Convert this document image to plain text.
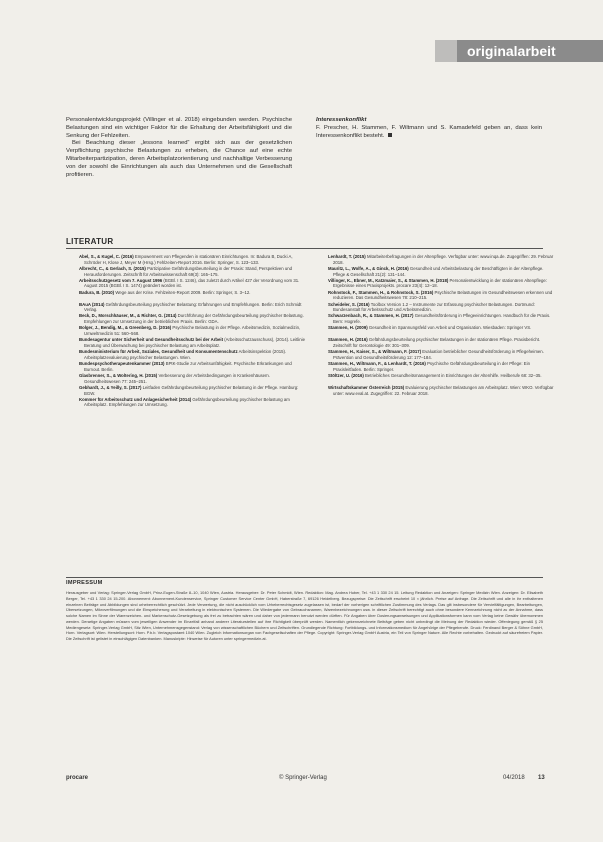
originalarbeit

Personalentwicklungsprojekt (Villinger et al. 2018) eingebunden werden. Psychische Belastungen sind ein wichtiger Faktor für die Erhaltung der Arbeitsfähigkeit und die Senkung der Fehlzeiten.

Bei Beachtung dieser „lessons learned“ ergibt sich aus der gesetzlichen Verpflichtung psychische Belastungen zu erheben, die Chance auf eine echte Mitarbeiterpartizipation, deren Arbeitsplatzorientierung und nachhaltige Verbesserung von der sowohl die Einrichtungen als auch das Unternehmen und die Gesellschaft profitieren.

Interessenkonflikt

F. Prescher, H. Stammen, F. Wiltmann und S. Kamadefeld geben an, dass kein Interessenkonflikt besteht.

LITERATUR

Abel, S., & Kugel, C. (2016) Empowerment von Pflegenden in stationären Einrichtungen. In: Badura B, Ducki A, Schröder H, Klose J, Meyer M (Hrsg.) Fehlzeiten-Report 2016. Berlin: Springer, S. 123–133.

Albrecht, C., & Gerlach, S. (2015) Partizipative Gefährdungsbeurteilung in der Praxis: Stand, Perspektiven und Herausforderungen. Zeitschrift für Arbeitswissenschaft 69(3): 165–175.

Arbeitsschutzgesetz vom 7. August 1996 (BGBl. I S. 1246), das zuletzt durch Artikel 427 der Verordnung vom 31. August 2015 (BGBl. I S. 1474) geändert worden ist.

Badura, B. (2010) Wege aus der Krise. Fehlzeiten-Report 2009. Berlin: Springer, S. 3–12.

BAuA (2014) Gefährdungsbeurteilung psychischer Belastung: Erfahrungen und Empfehlungen. Berlin: Erich Schmidt Verlag.

Beck, D., Morschhäuser, M., & Richter, G. (2014) Durchführung der Gefährdungsbeurteilung psychischer Belastung. Empfehlungen zur Umsetzung in der betrieblichen Praxis. Berlin: GDA.

Bolger, J., Bendig, M., & Greenberg, D. (2016) Psychische Belastung in der Pflege. Arbeitsmedizin, Sozialmedizin, Umweltmedizin 51: 560–568.

Bundesagentur unter Sicherheit und Gesundheitsschutz bei der Arbeit (Arbeitsschutzausschuss), (2014). Leitlinie Beratung und Überwachung bei psychischer Belastung am Arbeitsplatz.

Bundesministerium für Arbeit, Soziales, Gesundheit und Konsumentenschutz Arbeitsinspektion (2015). Arbeitsplatzevaluierung psychischer Belastungen. Wien.

Bundespsychotherapeutenkammer (2013) BPtK-Studie zur Arbeitsunfähigkeit. Psychische Erkrankungen und Burnout. Berlin.

Glasbrenner, S., & Woltering, H. (2015) Verbesserung der Arbeitsbedingungen in Krankenhäusern. Gesundheitswesen 77: 245–251.

Gebhardt, J., & Yeilly, S. (2017) Leitfaden Gefährdungsbeurteilung psychischer Belastung in der Pflege. Hamburg: BGW.

Kommer für Arbeitsschutz und Anlagesicherheit (2014) Gefährdungsbeurteilung psychischer Belastung am Arbeitsplatz. Empfehlungen zur Umsetzung.

Lenhardt, T. (2015) Mitarbeiterbefragungen in der Altenpflege. Verfügbar unter: www.inqa.de. Zugegriffen: 29. Februar 2018.

Mauritz, L., Wolfe, A., & Ginck, H. (2016) Gesundheit und Arbeitsbelastung der Beschäftigten in der Altenpflege. Pflege & Gesellschaft 21(2): 131–144.

Villinger, K., Ebner, M., Katzmaier, S., & Stammen, H. (2018) Personalentwicklung in der stationären Altenpflege: Ergebnisse eines Praxisprojekts. procare 23(4): 12–18.

Rohnstock, F., Stammen, H., & Rohnstock, S. (2016) Psychische Belastungen im Gesundheitswesen erkennen und reduzieren. Das Gesundheitswesen 78: 210–215.

Scheideler, S. (2016) Toolbox Version 1.2 – Instrumente zur Erfassung psychischer Belastungen. Dortmund: Bundesanstalt für Arbeitsschutz und Arbeitsmedizin.

Schwarzenbach, R., & Stammen, H. (2017) Gesundheitsförderung in Pflegeeinrichtungen. Handbuch für die Praxis. Bern: Hogrefe.

Stammen, H. (2009) Gesundheit im Spannungsfeld von Arbeit und Organisation. Wiesbaden: Springer VS.

Stammen, H. (2016) Gefährdungsbeurteilung psychischer Belastungen in der stationären Pflege. Praxisbericht. Zeitschrift für Gerontologie 49: 301–309.

Stammen, H., Kaiser, S., & Wiltmann, F. (2017) Evaluation betrieblicher Gesundheitsförderung in Pflegeheimen. Prävention und Gesundheitsförderung 12: 177–184.

Stammen, H., Wiltmann, F., & Lenhardt, T. (2016) Psychische Gefährdungsbeurteilung in der Pflege: Ein Praxisleitfaden. Berlin: Springer.

Stöltzer, U. (2016) Betriebliches Gesundheitsmanagement in Einrichtungen der Altenhilfe. Heilberufe 68: 32–35.

Wirtschaftskammer Österreich (2015) Evaluierung psychischer Belastungen am Arbeitsplatz. Wien: WKO. Verfügbar unter: www.eval.at. Zugegriffen: 22. Februar 2018.

IMPRESSUM
Herausgeber und Verlag: Springer-Verlag GmbH, Prinz-Eugen-Straße 8–10, 1040 Wien, Austria. Herausgeber: Dr. Peter Schmidt, Wien. Redaktion: Mag. Andrea Huber, Tel. +43 1 330 24 15. Leitung Redaktion und Anzeigen: Springer Medizin Wien. Anzeigen: Dr. Elisabeth Berger, Tel. +43 1 330 24 15-200. Abonnement: Abonnement-Kundenservice, Springer Customer Service Center GmbH, Haberstraße 7, 69126 Heidelberg. Bezugspreise: Die Zeitschrift erscheint 10 × jährlich. Preise auf Anfrage. Die Zeitschrift und alle in ihr enthaltenen einzelnen Beiträge und Abbildungen sind urheberrechtlich geschützt. Jede Verwertung, die nicht ausdrücklich vom Urheberrechtsgesetz zugelassen ist, bedarf der vorherigen schriftlichen Zustimmung des Verlags. Das gilt insbesondere für Vervielfältigungen, Bearbeitungen, Übersetzungen, Mikroverfilmungen und die Einspeicherung und Verarbeitung in elektronischen Systemen. Die Wiedergabe von Gebrauchsnamen, Warenbezeichnungen usw. in dieser Zeitschrift berechtigt auch ohne besondere Kennzeichnung nicht zu der Annahme, dass solche Namen im Sinne der Warenzeichen- und Markenschutz-Gesetzgebung als frei zu betrachten wären und daher von jedermann benutzt werden dürften. Für Angaben über Dosierungsanweisungen und Applikationsformen kann vom Verlag keine Gewähr übernommen werden. Derartige Angaben müssen vom jeweiligen Anwender im Einzelfall anhand anderer Literaturstellen auf ihre Richtigkeit überprüft werden. Namentlich gekennzeichnete Beiträge geben nicht unbedingt die Meinung der Redaktion wieder. Offenlegung gemäß § 25 Mediengesetz: Springer-Verlag GmbH, Sitz Wien, Unternehmensgegenstand: Verlag von wissenschaftlichen Büchern und Zeitschriften. Grundlegende Richtung: Fortbildungs- und Informationsmedium für Angehörige der Pflegeberufe. Druck: Ferdinand Berger & Söhne GmbH, Horn. Verlagsort: Wien. Herstellungsort: Horn. P.b.b. Verlagspostamt 1040 Wien. Zugleich Informationsorgan von Fachgesellschaften der Pflege. Copyright: Springer-Verlag GmbH Austria, ein Teil von Springer Nature. Alle Rechte vorbehalten. Gedruckt auf säurefreiem Papier. Die Zeitschrift ist gelistet in einschlägigen Datenbanken. Manuskripte: Hinweise für Autoren unter springermedizin.at.
procare	© Springer-Verlag	04/2018 13
